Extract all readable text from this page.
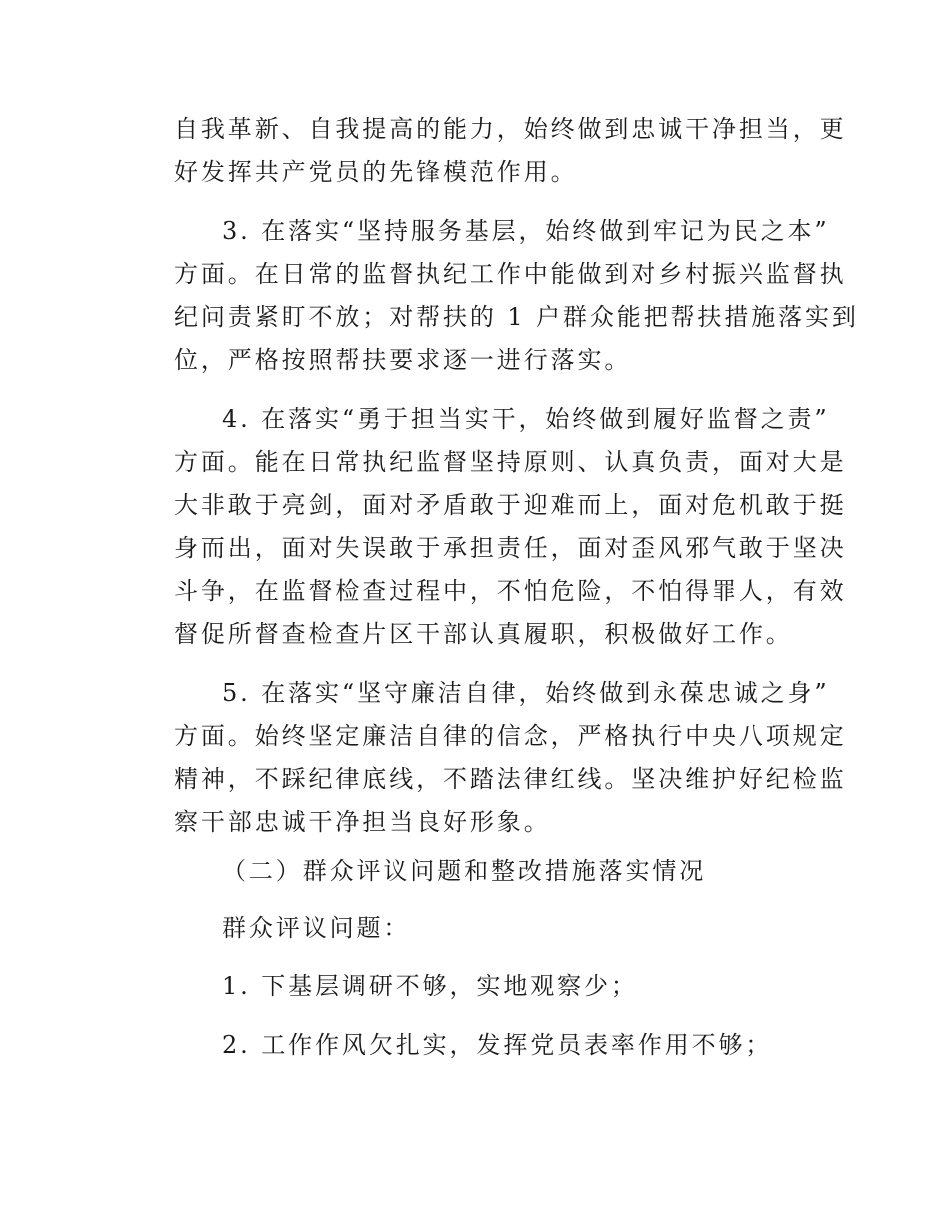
自我革新、自我提高的能力，始终做到忠诚干净担当，更
好发挥共产党员的先锋模范作用。
3. 在落实“坚持服务基层，始终做到牢记为民之本”
方面。在日常的监督执纪工作中能做到对乡村振兴监督执
纪问责紧盯不放；对帮扶的 1 户群众能把帮扶措施落实到
位，严格按照帮扶要求逐一进行落实。
4. 在落实“勇于担当实干，始终做到履好监督之责”
方面。能在日常执纪监督坚持原则、认真负责，面对大是
大非敢于亮剑，面对矛盾敢于迎难而上，面对危机敢于挺
身而出，面对失误敢于承担责任，面对歪风邪气敢于坚决
斗争，在监督检查过程中，不怕危险，不怕得罪人，有效
督促所督查检查片区干部认真履职，积极做好工作。
5. 在落实“坚守廉洁自律，始终做到永葆忠诚之身”
方面。始终坚定廉洁自律的信念，严格执行中央八项规定
精神，不踩纪律底线，不踏法律红线。坚决维护好纪检监
察干部忠诚干净担当良好形象。
（二）群众评议问题和整改措施落实情况
群众评议问题：
1. 下基层调研不够，实地观察少；
2. 工作作风欠扎实，发挥党员表率作用不够；
